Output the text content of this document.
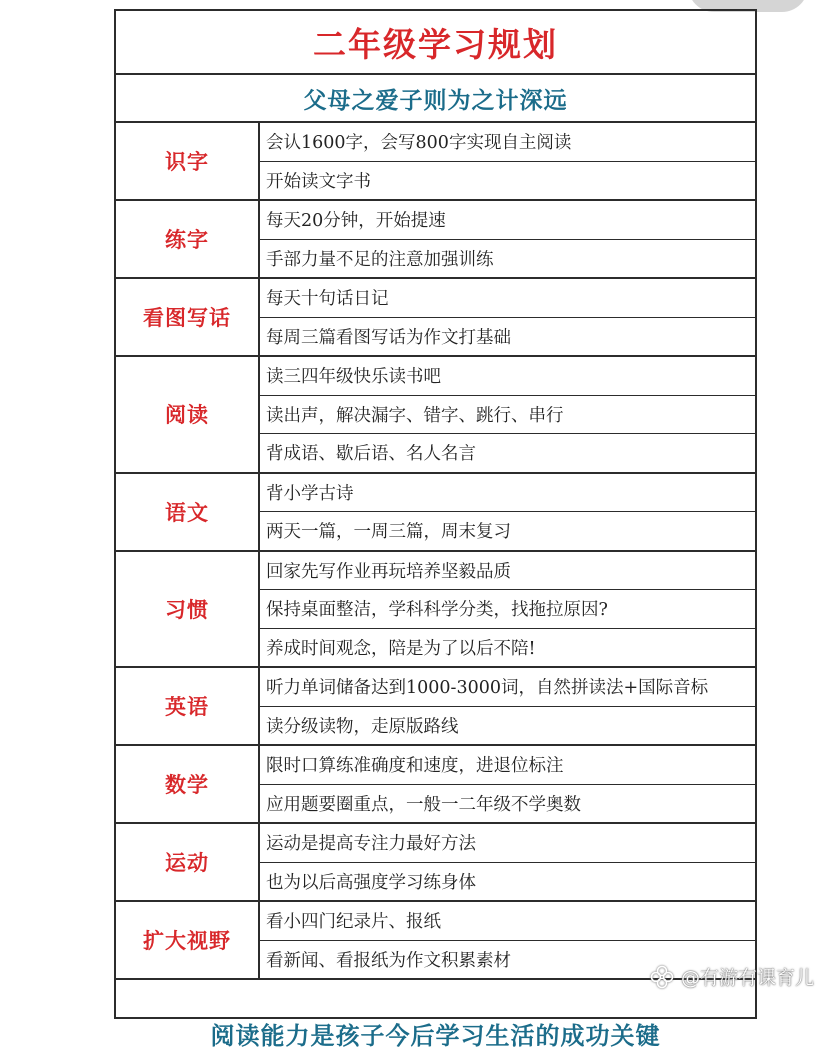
二年级学习规划
父母之爱子则为之计深远
识字
会认1600字，会写800字实现自主阅读
开始读文字书
练字
每天20分钟，开始提速
手部力量不足的注意加强训练
看图写话
每天十句话日记
每周三篇看图写话为作文打基础
阅读
读三四年级快乐读书吧
读出声，解决漏字、错字、跳行、串行
背成语、歇后语、名人名言
语文
背小学古诗
两天一篇，一周三篇，周末复习
习惯
回家先写作业再玩培养坚毅品质
保持桌面整洁，学科科学分类，找拖拉原因?
养成时间观念，陪是为了以后不陪!
英语
听力单词储备达到1000-3000词，自然拼读法+国际音标
读分级读物，走原版路线
数学
限时口算练准确度和速度，进退位标注
应用题要圈重点，一般一二年级不学奥数
运动
运动是提高专注力最好方法
也为以后高强度学习练身体
扩大视野
看小四门纪录片、报纸
看新闻、看报纸为作文积累素材
阅读能力是孩子今后学习生活的成功关键
@有游有课育儿
